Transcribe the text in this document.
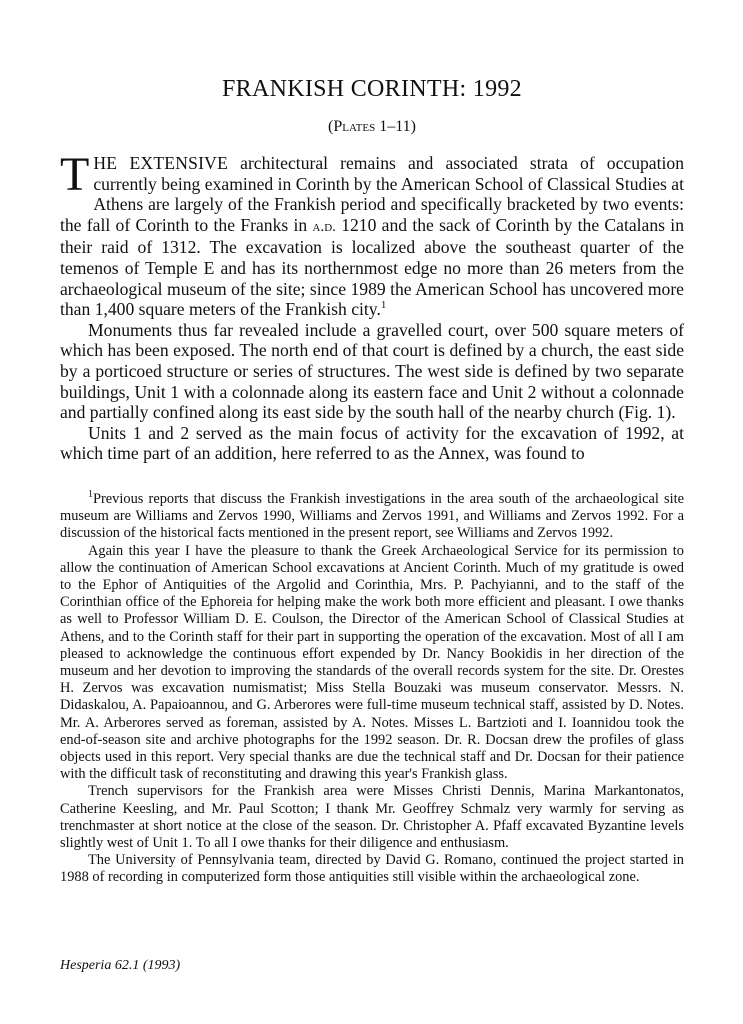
FRANKISH CORINTH: 1992
(Plates 1–11)

THE EXTENSIVE architectural remains and associated strata of occupation currently being examined in Corinth by the American School of Classical Studies at Athens are largely of the Frankish period and specifically bracketed by two events: the fall of Corinth to the Franks in a.d. 1210 and the sack of Corinth by the Catalans in their raid of 1312. The excavation is localized above the southeast quarter of the temenos of Temple E and has its northernmost edge no more than 26 meters from the archaeological museum of the site; since 1989 the American School has uncovered more than 1,400 square meters of the Frankish city.$^1$

Monuments thus far revealed include a gravelled court, over 500 square meters of which has been exposed. The north end of that court is defined by a church, the east side by a porticoed structure or series of structures. The west side is defined by two separate buildings, Unit 1 with a colonnade along its eastern face and Unit 2 without a colonnade and partially confined along its east side by the south hall of the nearby church (Fig. 1).

Units 1 and 2 served as the main focus of activity for the excavation of 1992, at which time part of an addition, here referred to as the Annex, was found to

$^1$Previous reports that discuss the Frankish investigations in the area south of the archaeological site museum are Williams and Zervos 1990, Williams and Zervos 1991, and Williams and Zervos 1992. For a discussion of the historical facts mentioned in the present report, see Williams and Zervos 1992.

Again this year I have the pleasure to thank the Greek Archaeological Service for its permission to allow the continuation of American School excavations at Ancient Corinth. Much of my gratitude is owed to the Ephor of Antiquities of the Argolid and Corinthia, Mrs. P. Pachyianni, and to the staff of the Corinthian office of the Ephoreia for helping make the work both more efficient and pleasant. I owe thanks as well to Professor William D. E. Coulson, the Director of the American School of Classical Studies at Athens, and to the Corinth staff for their part in supporting the operation of the excavation. Most of all I am pleased to acknowledge the continuous effort expended by Dr. Nancy Bookidis in her direction of the museum and her devotion to improving the standards of the overall records system for the site. Dr. Orestes H. Zervos was excavation numismatist; Miss Stella Bouzaki was museum conservator. Messrs. N. Didaskalou, A. Papaioannou, and G. Arberores were full-time museum technical staff, assisted by D. Notes. Mr. A. Arberores served as foreman, assisted by A. Notes. Misses L. Bartzioti and I. Ioannidou took the end-of-season site and archive photographs for the 1992 season. Dr. R. Docsan drew the profiles of glass objects used in this report. Very special thanks are due the technical staff and Dr. Docsan for their patience with the difficult task of reconstituting and drawing this year's Frankish glass.

Trench supervisors for the Frankish area were Misses Christi Dennis, Marina Markantonatos, Catherine Keesling, and Mr. Paul Scotton; I thank Mr. Geoffrey Schmalz very warmly for serving as trenchmaster at short notice at the close of the season. Dr. Christopher A. Pfaff excavated Byzantine levels slightly west of Unit 1. To all I owe thanks for their diligence and enthusiasm.

The University of Pennsylvania team, directed by David G. Romano, continued the project started in 1988 of recording in computerized form those antiquities still visible within the archaeological zone.

Hesperia 62.1 (1993)
